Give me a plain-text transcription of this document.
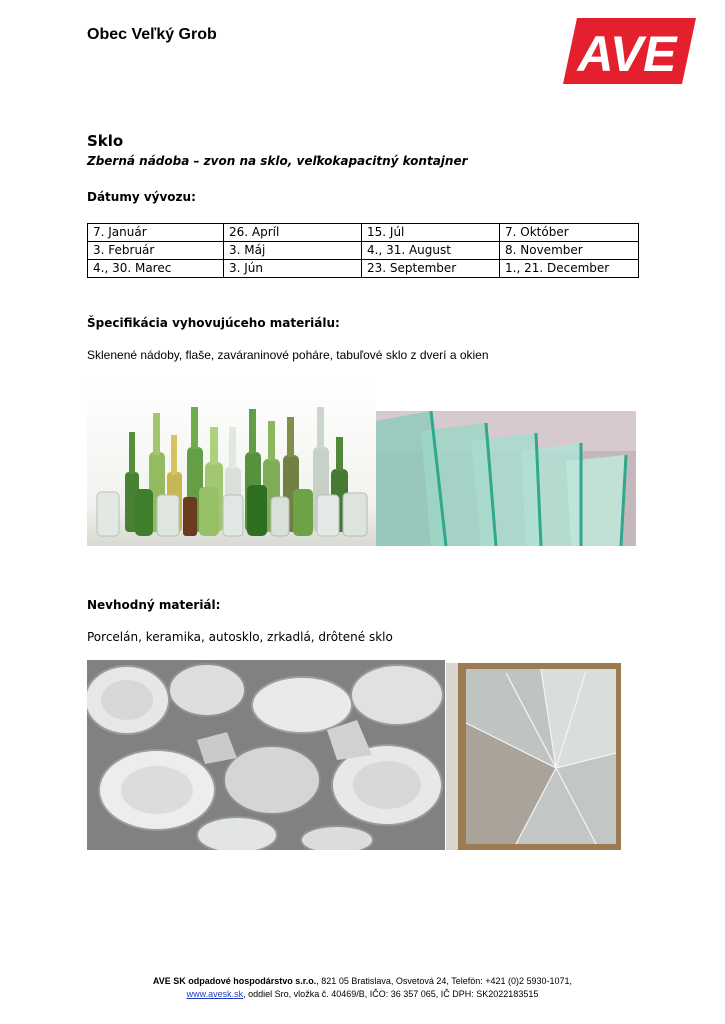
Obec Veľký Grob	AVE
Sklo
Zberná nádoba – zvon na sklo, veľkokapacitný kontajner
Dátumy vývozu:
7. Január	26. Apríl	15. Júl	7. Október
3. Február	3. Máj	4., 31. August	8. November
4., 30. Marec	3. Jún	23. September	1., 21. December
Špecifikácia vyhovujúceho materiálu:
Sklenené nádoby, flaše, zaváraninové poháre, tabuľové sklo z dverí a okien
Nevhodný materiál:
Porcelán, keramika, autosklo, zrkadlá, drôtené sklo
AVE SK odpadové hospodárstvo s.r.o., 821 05 Bratislava, Osvetová 24, Telefón: +421 (0)2 5930-1071,
www.avesk.sk, oddiel Sro, vložka č. 40469/B, IČO: 36 357 065, IČ DPH: SK2022183515
